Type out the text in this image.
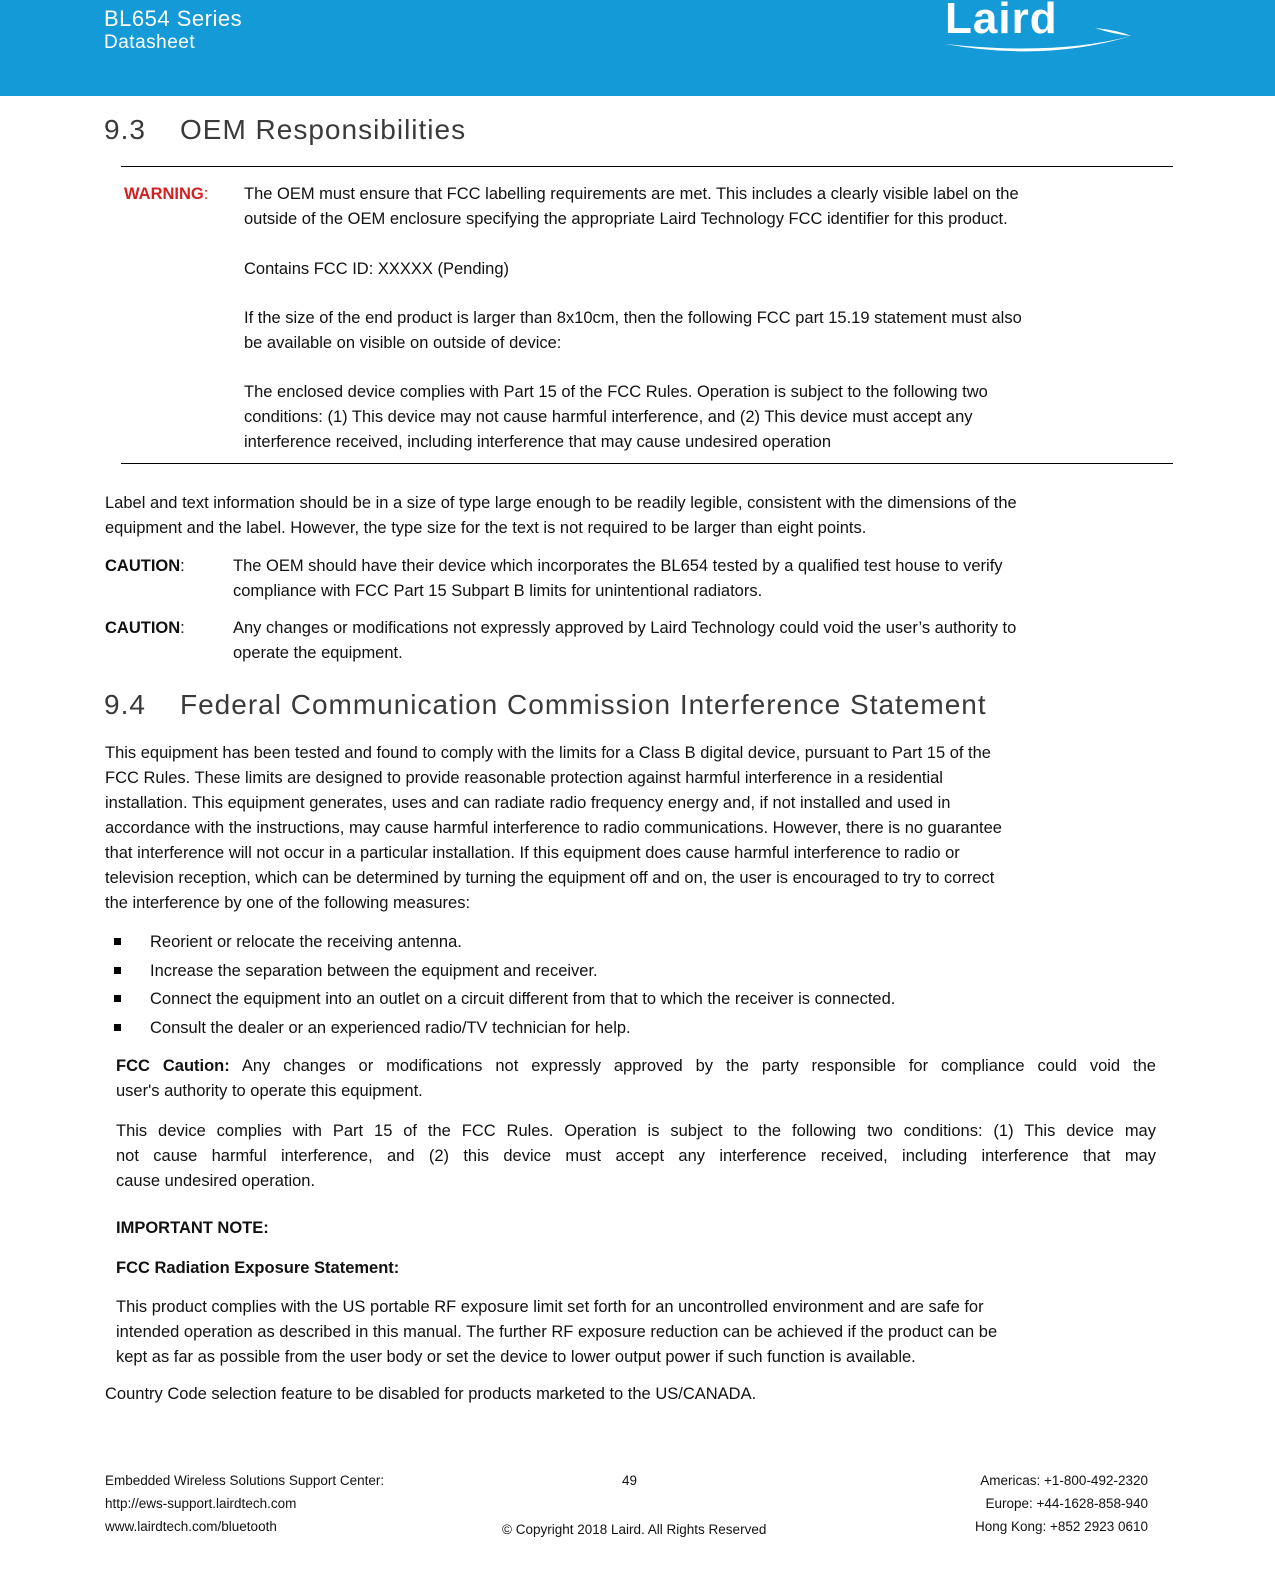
BL654 Series
Datasheet	Laird
9.3 OEM Responsibilities
WARNING: The OEM must ensure that FCC labelling requirements are met. This includes a clearly visible label on the
outside of the OEM enclosure specifying the appropriate Laird Technology FCC identifier for this product.
Contains FCC ID: XXXXX (Pending)
If the size of the end product is larger than 8x10cm, then the following FCC part 15.19 statement must also
be available on visible on outside of device:
The enclosed device complies with Part 15 of the FCC Rules. Operation is subject to the following two
conditions: (1) This device may not cause harmful interference, and (2) This device must accept any
interference received, including interference that may cause undesired operation
Label and text information should be in a size of type large enough to be readily legible, consistent with the dimensions of the
equipment and the label. However, the type size for the text is not required to be larger than eight points.
CAUTION:	The OEM should have their device which incorporates the BL654 tested by a qualified test house to verify
compliance with FCC Part 15 Subpart B limits for unintentional radiators.
CAUTION:	Any changes or modifications not expressly approved by Laird Technology could void the user’s authority to
operate the equipment.
9.4 Federal Communication Commission Interference Statement
This equipment has been tested and found to comply with the limits for a Class B digital device, pursuant to Part 15 of the
FCC Rules. These limits are designed to provide reasonable protection against harmful interference in a residential
installation. This equipment generates, uses and can radiate radio frequency energy and, if not installed and used in
accordance with the instructions, may cause harmful interference to radio communications. However, there is no guarantee
that interference will not occur in a particular installation. If this equipment does cause harmful interference to radio or
television reception, which can be determined by turning the equipment off and on, the user is encouraged to try to correct
the interference by one of the following measures:
Reorient or relocate the receiving antenna.
Increase the separation between the equipment and receiver.
Connect the equipment into an outlet on a circuit different from that to which the receiver is connected.
Consult the dealer or an experienced radio/TV technician for help.
FCC Caution: Any changes or modifications not expressly approved by the party responsible for compliance could void the
user's authority to operate this equipment.
This device complies with Part 15 of the FCC Rules. Operation is subject to the following two conditions: (1) This device may
not cause harmful interference, and (2) this device must accept any interference received, including interference that may
cause undesired operation.
IMPORTANT NOTE:
FCC Radiation Exposure Statement:
This product complies with the US portable RF exposure limit set forth for an uncontrolled environment and are safe for
intended operation as described in this manual. The further RF exposure reduction can be achieved if the product can be
kept as far as possible from the user body or set the device to lower output power if such function is available.
Country Code selection feature to be disabled for products marketed to the US/CANADA.
Embedded Wireless Solutions Support Center:
http://ews-support.lairdtech.com
www.lairdtech.com/bluetooth
49
© Copyright 2018 Laird. All Rights Reserved
Americas: +1-800-492-2320
Europe: +44-1628-858-940
Hong Kong: +852 2923 0610
